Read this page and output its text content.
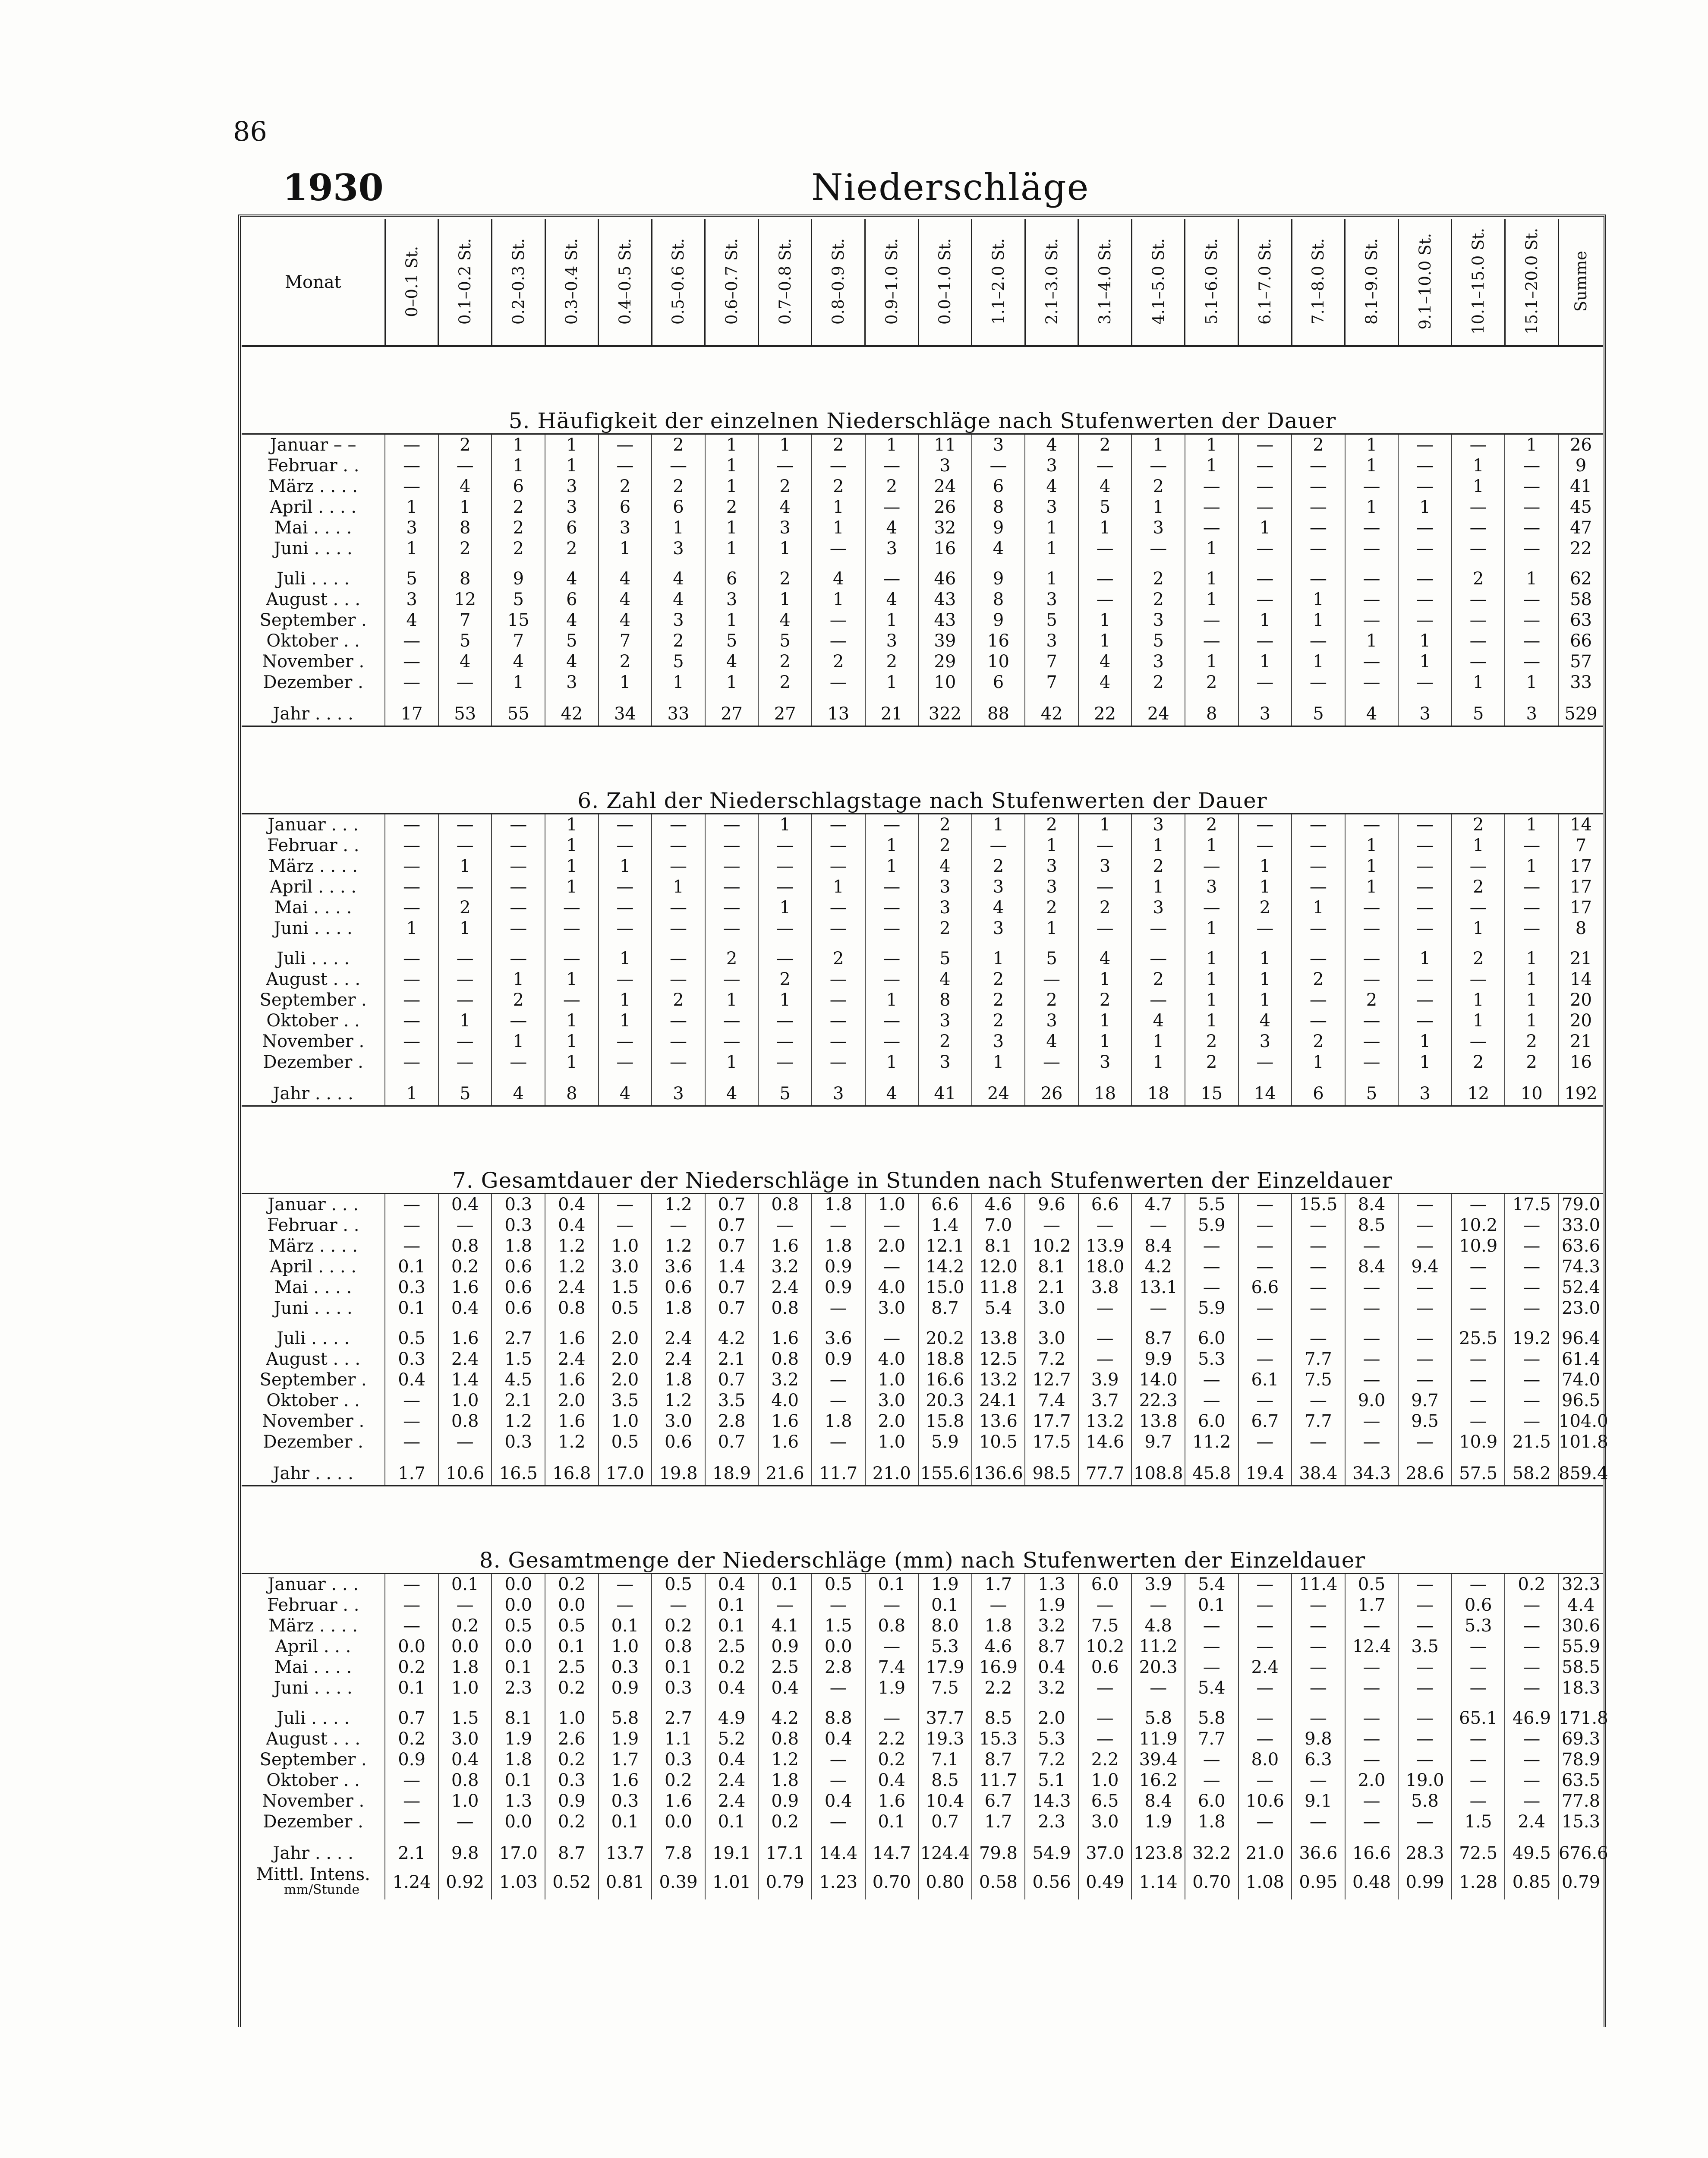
86
1930	Niederschläge
Monat	0–0.1 St.	0.1–0.2 St.	0.2–0.3 St.	0.3–0.4 St.	0.4–0.5 St.	0.5–0.6 St.	0.6–0.7 St.	0.7–0.8 St.	0.8–0.9 St.	0.9–1.0 St.	0.0–1.0 St.	1.1–2.0 St.	2.1–3.0 St.	3.1–4.0 St.	4.1–5.0 St.	5.1–6.0 St.	6.1–7.0 St.	7.1–8.0 St.	8.1–9.0 St.	9.1–10.0 St.	10.1–15.0 St.	15.1–20.0 St.	Summe
5. Häufigkeit der einzelnen Niederschläge nach Stufenwerten der Dauer																							
Januar – –	—	2	1	1	—	2	1	1	2	1	11	3	4	2	1	1	—	2	1	—	—	1	26
Februar . .	—	—	1	1	—	—	1	—	—	—	3	—	3	—	—	1	—	—	1	—	1	—	9
März . . . .	—	4	6	3	2	2	1	2	2	2	24	6	4	4	2	—	—	—	—	—	1	—	41
April . . . .	1	1	2	3	6	6	2	4	1	—	26	8	3	5	1	—	—	—	1	1	—	—	45
Mai . . . .	3	8	2	6	3	1	1	3	1	4	32	9	1	1	3	—	1	—	—	—	—	—	47
Juni . . . .	1	2	2	2	1	3	1	1	—	3	16	4	1	—	—	1	—	—	—	—	—	—	22

Juli . . . .	5	8	9	4	4	4	6	2	4	—	46	9	1	—	2	1	—	—	—	—	2	1	62
August . . .	3	12	5	6	4	4	3	1	1	4	43	8	3	—	2	1	—	1	—	—	—	—	58
September .	4	7	15	4	4	3	1	4	—	1	43	9	5	1	3	—	1	1	—	—	—	—	63
Oktober . .	—	5	7	5	7	2	5	5	—	3	39	16	3	1	5	—	—	—	1	1	—	—	66
November .	—	4	4	4	2	5	4	2	2	2	29	10	7	4	3	1	1	1	—	1	—	—	57
Dezember .	—	—	1	3	1	1	1	2	—	1	10	6	7	4	2	2	—	—	—	—	1	1	33

Jahr . . . .	17	53	55	42	34	33	27	27	13	21	322	88	42	22	24	8	3	5	4	3	5	3	529
6. Zahl der Niederschlagstage nach Stufenwerten der Dauer																							
Januar . . .	—	—	—	1	—	—	—	1	—	—	2	1	2	1	3	2	—	—	—	—	2	1	14
Februar . .	—	—	—	1	—	—	—	—	—	1	2	—	1	—	1	1	—	—	1	—	1	—	7
März . . . .	—	1	—	1	1	—	—	—	—	1	4	2	3	3	2	—	1	—	1	—	—	1	17
April . . . .	—	—	—	1	—	1	—	—	1	—	3	3	3	—	1	3	1	—	1	—	2	—	17
Mai . . . .	—	2	—	—	—	—	—	1	—	—	3	4	2	2	3	—	2	1	—	—	—	—	17
Juni . . . .	1	1	—	—	—	—	—	—	—	—	2	3	1	—	—	1	—	—	—	—	1	—	8

Juli . . . .	—	—	—	—	1	—	2	—	2	—	5	1	5	4	—	1	1	—	—	1	2	1	21
August . . .	—	—	1	1	—	—	—	2	—	—	4	2	—	1	2	1	1	2	—	—	—	1	14
September .	—	—	2	—	1	2	1	1	—	1	8	2	2	2	—	1	1	—	2	—	1	1	20
Oktober . .	—	1	—	1	1	—	—	—	—	—	3	2	3	1	4	1	4	—	—	—	1	1	20
November .	—	—	1	1	—	—	—	—	—	—	2	3	4	1	1	2	3	2	—	1	—	2	21
Dezember .	—	—	—	1	—	—	1	—	—	1	3	1	—	3	1	2	—	1	—	1	2	2	16

Jahr . . . .	1	5	4	8	4	3	4	5	3	4	41	24	26	18	18	15	14	6	5	3	12	10	192
7. Gesamtdauer der Niederschläge in Stunden nach Stufenwerten der Einzeldauer																							
Januar . . .	—	0.4	0.3	0.4	—	1.2	0.7	0.8	1.8	1.0	6.6	4.6	9.6	6.6	4.7	5.5	—	15.5	8.4	—	—	17.5	79.0
Februar . .	—	—	0.3	0.4	—	—	0.7	—	—	—	1.4	7.0	—	—	—	5.9	—	—	8.5	—	10.2	—	33.0
März . . . .	—	0.8	1.8	1.2	1.0	1.2	0.7	1.6	1.8	2.0	12.1	8.1	10.2	13.9	8.4	—	—	—	—	—	10.9	—	63.6
April . . . .	0.1	0.2	0.6	1.2	3.0	3.6	1.4	3.2	0.9	—	14.2	12.0	8.1	18.0	4.2	—	—	—	8.4	9.4	—	—	74.3
Mai . . . .	0.3	1.6	0.6	2.4	1.5	0.6	0.7	2.4	0.9	4.0	15.0	11.8	2.1	3.8	13.1	—	6.6	—	—	—	—	—	52.4
Juni . . . .	0.1	0.4	0.6	0.8	0.5	1.8	0.7	0.8	—	3.0	8.7	5.4	3.0	—	—	5.9	—	—	—	—	—	—	23.0

Juli . . . .	0.5	1.6	2.7	1.6	2.0	2.4	4.2	1.6	3.6	—	20.2	13.8	3.0	—	8.7	6.0	—	—	—	—	25.5	19.2	96.4
August . . .	0.3	2.4	1.5	2.4	2.0	2.4	2.1	0.8	0.9	4.0	18.8	12.5	7.2	—	9.9	5.3	—	7.7	—	—	—	—	61.4
September .	0.4	1.4	4.5	1.6	2.0	1.8	0.7	3.2	—	1.0	16.6	13.2	12.7	3.9	14.0	—	6.1	7.5	—	—	—	—	74.0
Oktober . .	—	1.0	2.1	2.0	3.5	1.2	3.5	4.0	—	3.0	20.3	24.1	7.4	3.7	22.3	—	—	—	9.0	9.7	—	—	96.5
November .	—	0.8	1.2	1.6	1.0	3.0	2.8	1.6	1.8	2.0	15.8	13.6	17.7	13.2	13.8	6.0	6.7	7.7	—	9.5	—	—	104.0
Dezember .	—	—	0.3	1.2	0.5	0.6	0.7	1.6	—	1.0	5.9	10.5	17.5	14.6	9.7	11.2	—	—	—	—	10.9	21.5	101.8

Jahr . . . .	1.7	10.6	16.5	16.8	17.0	19.8	18.9	21.6	11.7	21.0	155.6	136.6	98.5	77.7	108.8	45.8	19.4	38.4	34.3	28.6	57.5	58.2	859.4
8. Gesamtmenge der Niederschläge (mm) nach Stufenwerten der Einzeldauer																							
Januar . . .	—	0.1	0.0	0.2	—	0.5	0.4	0.1	0.5	0.1	1.9	1.7	1.3	6.0	3.9	5.4	—	11.4	0.5	—	—	0.2	32.3
Februar . .	—	—	0.0	0.0	—	—	0.1	—	—	—	0.1	—	1.9	—	—	0.1	—	—	1.7	—	0.6	—	4.4
März . . . .	—	0.2	0.5	0.5	0.1	0.2	0.1	4.1	1.5	0.8	8.0	1.8	3.2	7.5	4.8	—	—	—	—	—	5.3	—	30.6
April . . .	0.0	0.0	0.0	0.1	1.0	0.8	2.5	0.9	0.0	—	5.3	4.6	8.7	10.2	11.2	—	—	—	12.4	3.5	—	—	55.9
Mai . . . .	0.2	1.8	0.1	2.5	0.3	0.1	0.2	2.5	2.8	7.4	17.9	16.9	0.4	0.6	20.3	—	2.4	—	—	—	—	—	58.5
Juni . . . .	0.1	1.0	2.3	0.2	0.9	0.3	0.4	0.4	—	1.9	7.5	2.2	3.2	—	—	5.4	—	—	—	—	—	—	18.3

Juli . . . .	0.7	1.5	8.1	1.0	5.8	2.7	4.9	4.2	8.8	—	37.7	8.5	2.0	—	5.8	5.8	—	—	—	—	65.1	46.9	171.8
August . . .	0.2	3.0	1.9	2.6	1.9	1.1	5.2	0.8	0.4	2.2	19.3	15.3	5.3	—	11.9	7.7	—	9.8	—	—	—	—	69.3
September .	0.9	0.4	1.8	0.2	1.7	0.3	0.4	1.2	—	0.2	7.1	8.7	7.2	2.2	39.4	—	8.0	6.3	—	—	—	—	78.9
Oktober . .	—	0.8	0.1	0.3	1.6	0.2	2.4	1.8	—	0.4	8.5	11.7	5.1	1.0	16.2	—	—	—	2.0	19.0	—	—	63.5
November .	—	1.0	1.3	0.9	0.3	1.6	2.4	0.9	0.4	1.6	10.4	6.7	14.3	6.5	8.4	6.0	10.6	9.1	—	5.8	—	—	77.8
Dezember .	—	—	0.0	0.2	0.1	0.0	0.1	0.2	—	0.1	0.7	1.7	2.3	3.0	1.9	1.8	—	—	—	—	1.5	2.4	15.3

Jahr . . . .	2.1	9.8	17.0	8.7	13.7	7.8	19.1	17.1	14.4	14.7	124.4	79.8	54.9	37.0	123.8	32.2	21.0	36.6	16.6	28.3	72.5	49.5	676.6
Mittl. Intens.
mm/Stunde	1.24	0.92	1.03	0.52	0.81	0.39	1.01	0.79	1.23	0.70	0.80	0.58	0.56	0.49	1.14	0.70	1.08	0.95	0.48	0.99	1.28	0.85	0.79
